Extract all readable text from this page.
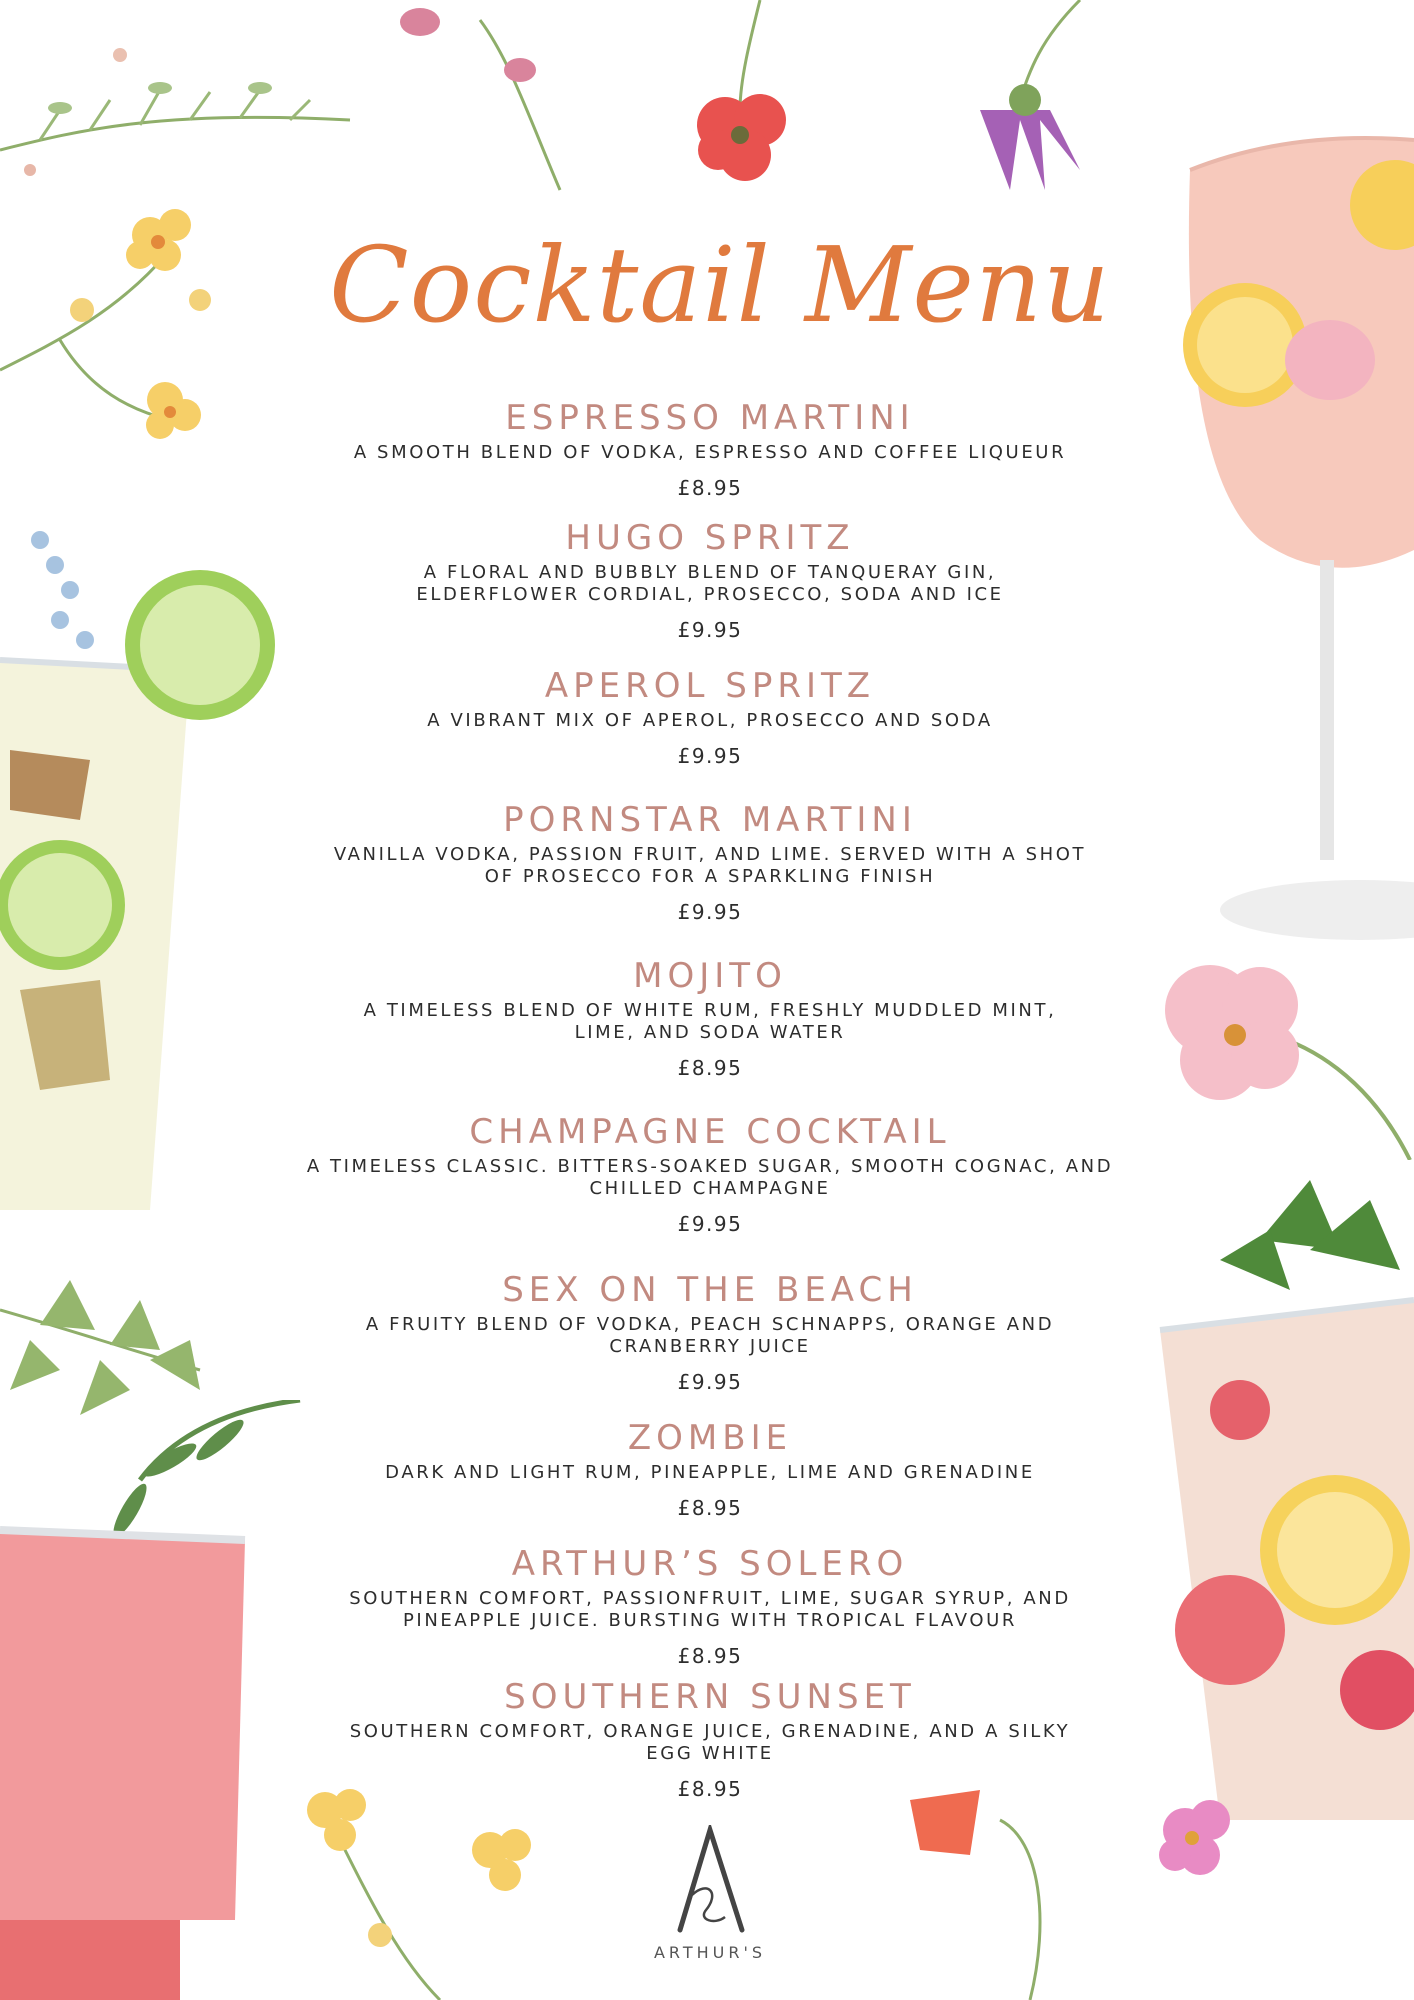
Cocktail Menu
ESPRESSO MARTINI
A SMOOTH BLEND OF VODKA, ESPRESSO AND COFFEE LIQUEUR
£8.95
HUGO SPRITZ
A FLORAL AND BUBBLY BLEND OF TANQUERAY GIN,
ELDERFLOWER CORDIAL, PROSECCO, SODA AND ICE
£9.95
APEROL SPRITZ
A VIBRANT MIX OF APEROL, PROSECCO AND SODA
£9.95
PORNSTAR MARTINI
VANILLA VODKA, PASSION FRUIT, AND LIME. SERVED WITH A SHOT
OF PROSECCO FOR A SPARKLING FINISH
£9.95
MOJITO
A TIMELESS BLEND OF WHITE RUM, FRESHLY MUDDLED MINT,
LIME, AND SODA WATER
£8.95
CHAMPAGNE COCKTAIL
A TIMELESS CLASSIC. BITTERS-SOAKED SUGAR, SMOOTH COGNAC, AND
CHILLED CHAMPAGNE
£9.95
SEX ON THE BEACH
A FRUITY BLEND OF VODKA, PEACH SCHNAPPS, ORANGE AND
CRANBERRY JUICE
£9.95
ZOMBIE
DARK AND LIGHT RUM, PINEAPPLE, LIME AND GRENADINE
£8.95
ARTHUR’S SOLERO
SOUTHERN COMFORT, PASSIONFRUIT, LIME, SUGAR SYRUP, AND
PINEAPPLE JUICE. BURSTING WITH TROPICAL FLAVOUR
£8.95
SOUTHERN SUNSET
SOUTHERN COMFORT, ORANGE JUICE, GRENADINE, AND A SILKY
EGG WHITE
£8.95
ARTHUR'S
